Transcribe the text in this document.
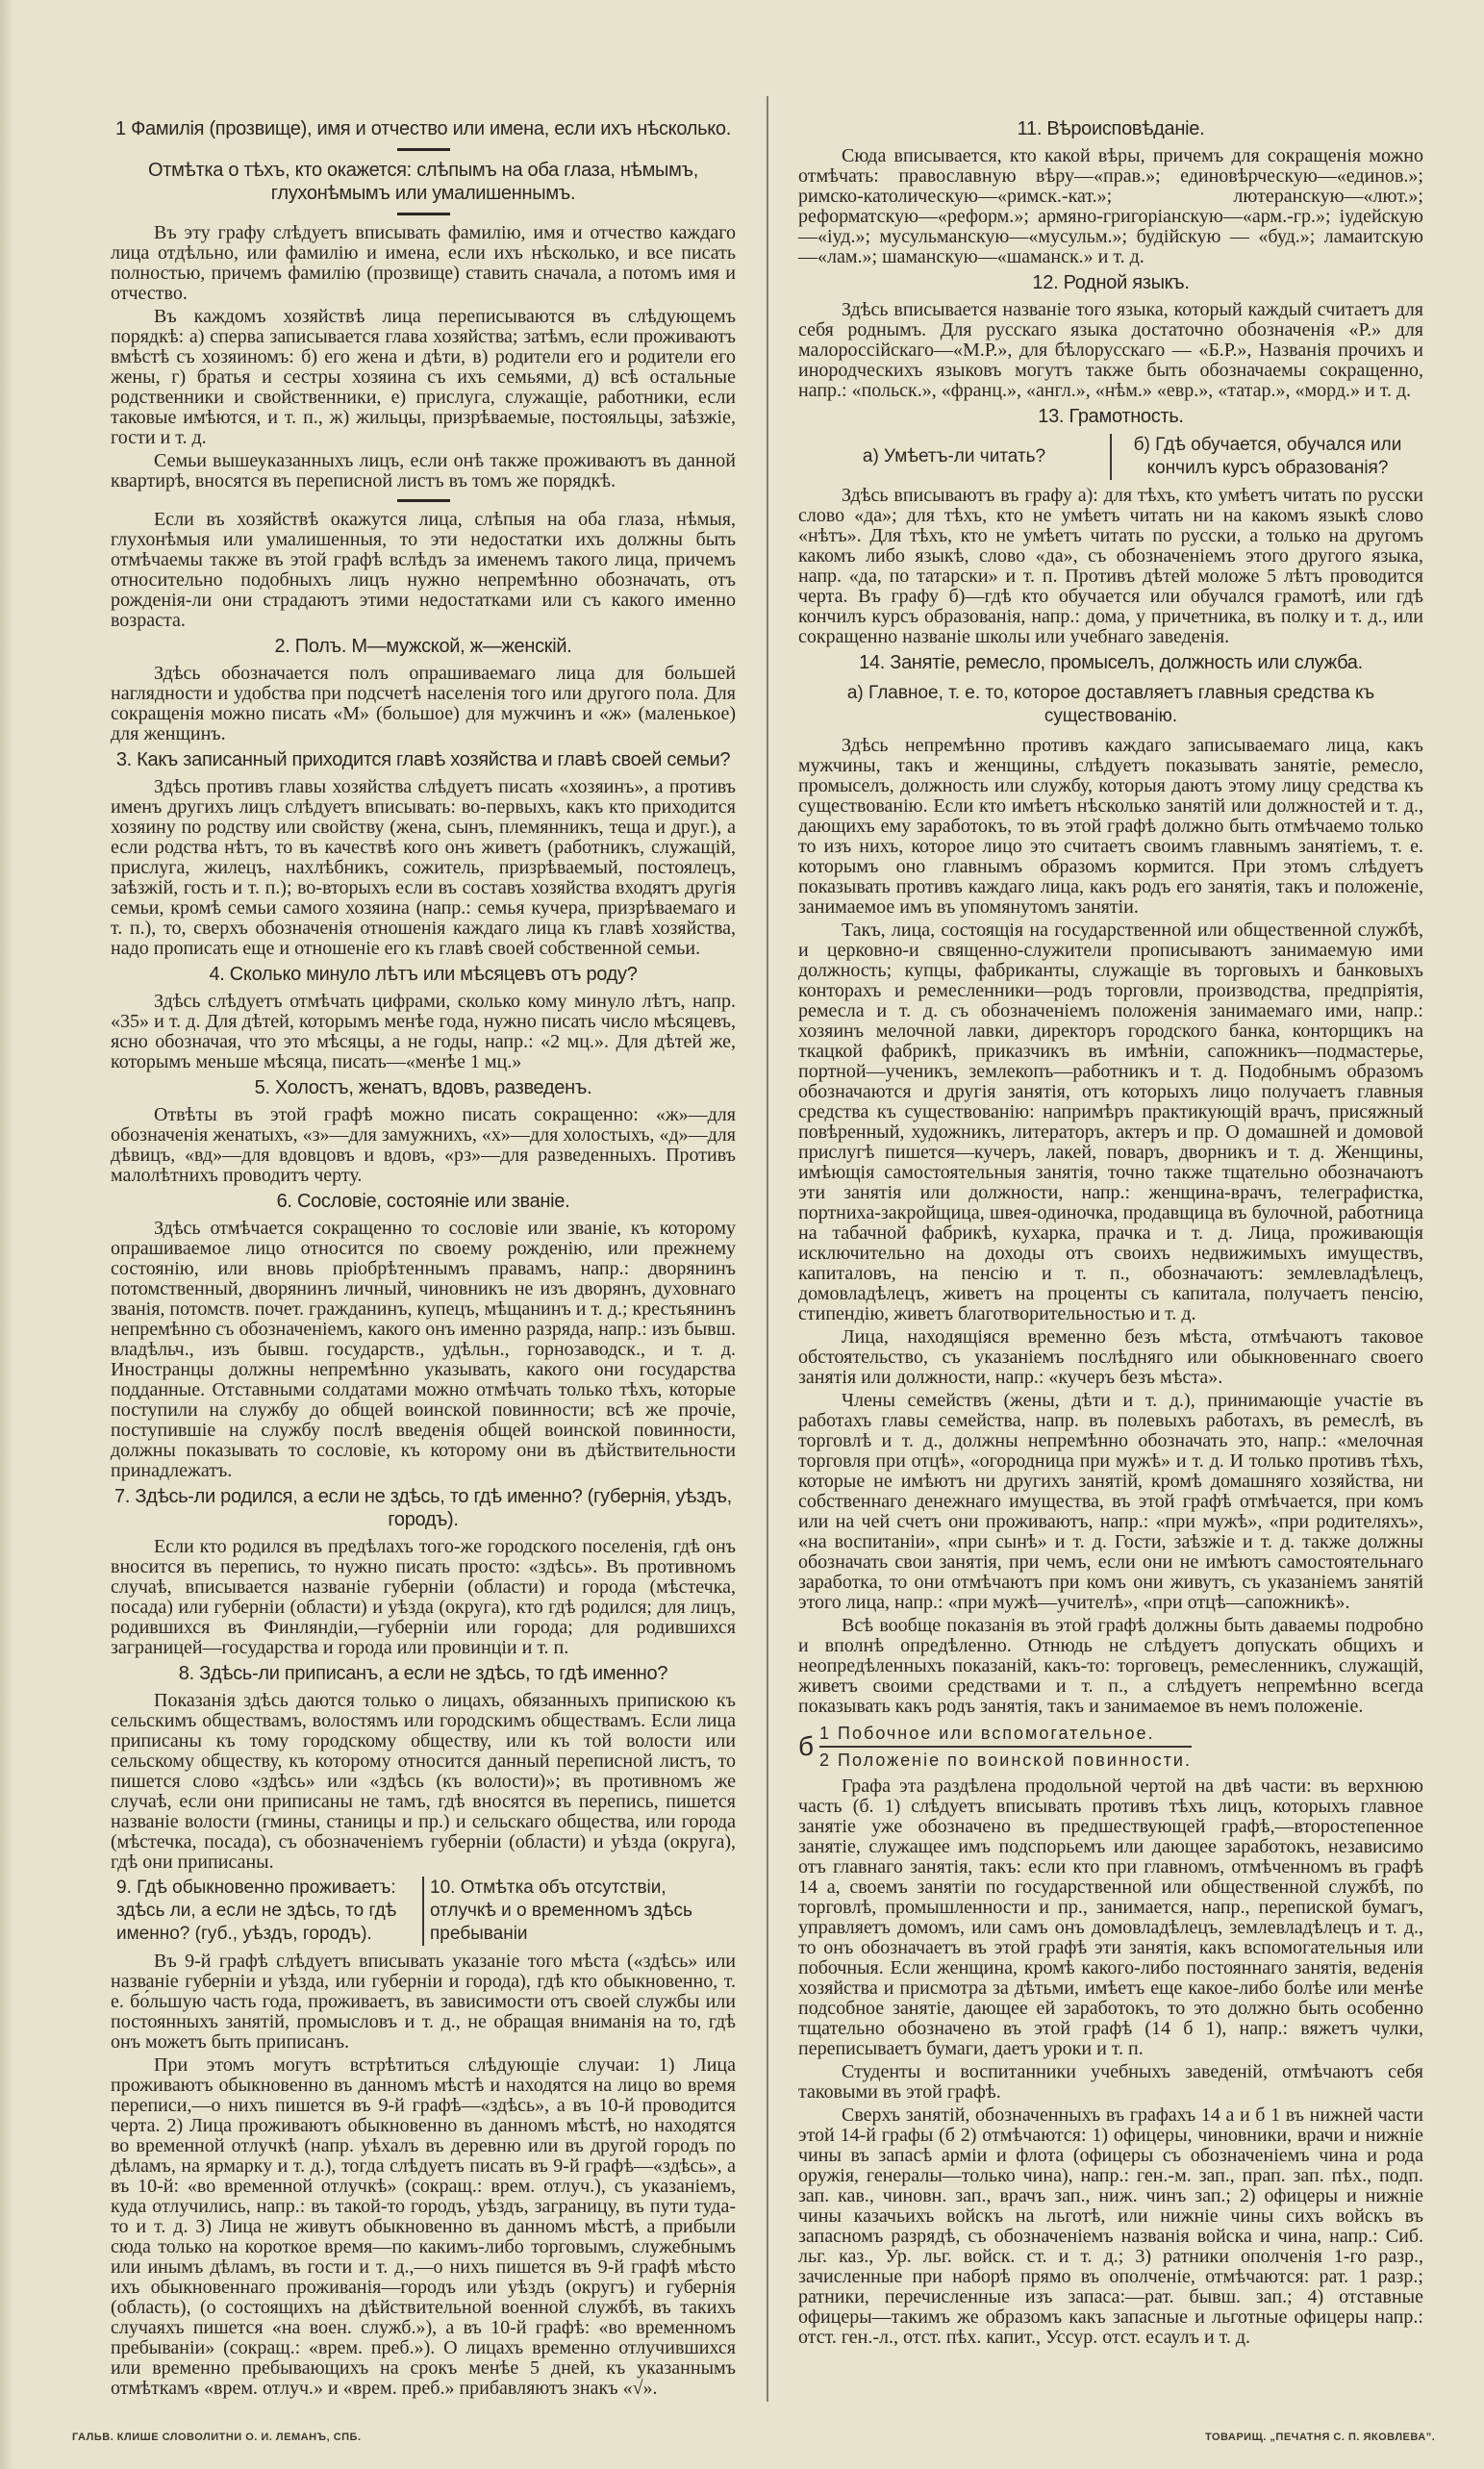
1 Фамилія (прозвище), имя и отчество или имена, если ихъ нѣсколько.
Отмѣтка о тѣхъ, кто окажется: слѣпымъ на оба глаза, нѣмымъ, глухонѣмымъ или умалишеннымъ.

Въ эту графу слѣдуетъ вписывать фамилію, имя и отчество каждаго лица отдѣльно, или фамилію и имена, если ихъ нѣсколько, и все писать полностью, причемъ фамилію (прозвище) ставить сначала, а потомъ имя и отчество.

Въ каждомъ хозяйствѣ лица переписываются въ слѣдующемъ порядкѣ: а) сперва записывается глава хозяйства; затѣмъ, если проживаютъ вмѣстѣ съ хозяиномъ: б) его жена и дѣти, в) родители его и родители его жены, г) братья и сестры хозяина съ ихъ семьями, д) всѣ остальные родственники и свойственники, е) прислуга, служащіе, работники, если таковые имѣются, и т. п., ж) жильцы, призрѣваемые, постояльцы, заѣзжіе, гости и т. д.

Семьи вышеуказанныхъ лицъ, если онѣ также проживаютъ въ данной квартирѣ, вносятся въ переписной листъ въ томъ же порядкѣ.

Если въ хозяйствѣ окажутся лица, слѣпыя на оба глаза, нѣмыя, глухонѣмыя или умалишенныя, то эти недостатки ихъ должны быть отмѣчаемы также въ этой графѣ вслѣдъ за именемъ такого лица, причемъ относительно подобныхъ лицъ нужно непремѣнно обозначать, отъ рожденія-ли они страдаютъ этими недостатками или съ какого именно возраста.

2. Полъ. М—мужской, ж—женскій.

Здѣсь обозначается полъ опрашиваемаго лица для большей наглядности и удобства при подсчетѣ населенія того или другого пола. Для сокращенія можно писать «М» (большое) для мужчинъ и «ж» (маленькое) для женщинъ.

3. Какъ записанный приходится главѣ хозяйства и главѣ своей семьи?

Здѣсь противъ главы хозяйства слѣдуетъ писать «хозяинъ», а противъ именъ другихъ лицъ слѣдуетъ вписывать: во-первыхъ, какъ кто приходится хозяину по родству или свойству (жена, сынъ, племянникъ, теща и друг.), а если родства нѣтъ, то въ качествѣ кого онъ живетъ (работникъ, служащій, прислуга, жилецъ, нахлѣбникъ, сожитель, призрѣваемый, постоялецъ, заѣзжій, гость и т. п.); во-вторыхъ если въ составъ хозяйства входятъ другія семьи, кромѣ семьи самого хозяина (напр.: семья кучера, призрѣваемаго и т. п.), то, сверхъ обозначенія отношенія каждаго лица къ главѣ хозяйства, надо прописать еще и отношеніе его къ главѣ своей собственной семьи.

4. Сколько минуло лѣтъ или мѣсяцевъ отъ роду?

Здѣсь слѣдуетъ отмѣчать цифрами, сколько кому минуло лѣтъ, напр. «35» и т. д. Для дѣтей, которымъ менѣе года, нужно писать число мѣсяцевъ, ясно обозначая, что это мѣсяцы, а не годы, напр.: «2 мц.». Для дѣтей же, которымъ меньше мѣсяца, писать—«менѣе 1 мц.»

5. Холостъ, женатъ, вдовъ, разведенъ.

Отвѣты въ этой графѣ можно писать сокращенно: «ж»—для обозначенія женатыхъ, «з»—для замужнихъ, «х»—для холостыхъ, «д»—для дѣвицъ, «вд»—для вдовцовъ и вдовъ, «рз»—для разведенныхъ. Противъ малолѣтнихъ проводитъ черту.

6. Сословіе, состояніе или званіе.

Здѣсь отмѣчается сокращенно то сословіе или званіе, къ которому опрашиваемое лицо относится по своему рожденію, или прежнему состоянію, или вновь пріобрѣтеннымъ правамъ, напр.: дворянинъ потомственный, дворянинъ личный, чиновникъ не изъ дворянъ, духовнаго званія, потомств. почет. гражданинъ, купецъ, мѣщанинъ и т. д.; крестьянинъ непремѣнно съ обозначеніемъ, какого онъ именно разряда, напр.: изъ бывш. владѣльч., изъ бывш. государств., удѣльн., горнозаводск., и т. д. Иностранцы должны непремѣнно указывать, какого они государства подданные. Отставными солдатами можно отмѣчать только тѣхъ, которые поступили на службу до общей воинской повинности; всѣ же прочіе, поступившіе на службу послѣ введенія общей воинской повинности, должны показывать то сословіе, къ которому они въ дѣйствительности принадлежатъ.

7. Здѣсь-ли родился, а если не здѣсь, то гдѣ именно? (губернія, уѣздъ, городъ).

Если кто родился въ предѣлахъ того-же городского поселенія, гдѣ онъ вносится въ перепись, то нужно писать просто: «здѣсь». Въ противномъ случаѣ, вписывается названіе губерніи (области) и города (мѣстечка, посада) или губерніи (области) и уѣзда (округа), кто гдѣ родился; для лицъ, родившихся въ Финляндіи,—губерніи или города; для родившихся заграницей—государства и города или провинціи и т. п.

8. Здѣсь-ли приписанъ, а если не здѣсь, то гдѣ именно?

Показанія здѣсь даются только о лицахъ, обязанныхъ припискою къ сельскимъ обществамъ, волостямъ или городскимъ обществамъ. Если лица приписаны къ тому городскому обществу, или къ той волости или сельскому обществу, къ которому относится данный переписной листъ, то пишется слово «здѣсь» или «здѣсь (къ волости)»; въ противномъ же случаѣ, если они приписаны не тамъ, гдѣ вносятся въ перепись, пишется названіе волости (гмины, станицы и пр.) и сельскаго общества, или города (мѣстечка, посада), съ обозначеніемъ губерніи (области) и уѣзда (округа), гдѣ они приписаны.

9. Гдѣ обыкновенно проживаетъ: здѣсь ли, а если не здѣсь, то гдѣ именно? (губ., уѣздъ, городъ).
10. Отмѣтка объ отсутствіи, отлучкѣ и о временномъ здѣсь пребываніи

Въ 9-й графѣ слѣдуетъ вписывать указаніе того мѣста («здѣсь» или названіе губерніи и уѣзда, или губерніи и города), гдѣ кто обыкновенно, т. е. бо́льшую часть года, проживаетъ, въ зависимости отъ своей службы или постоянныхъ занятій, промысловъ и т. д., не обращая вниманія на то, гдѣ онъ можетъ быть приписанъ.

При этомъ могутъ встрѣтиться слѣдующіе случаи: 1) Лица проживаютъ обыкновенно въ данномъ мѣстѣ и находятся на лицо во время переписи,—о нихъ пишется въ 9-й графѣ—«здѣсь», а въ 10-й проводится черта. 2) Лица проживаютъ обыкновенно въ данномъ мѣстѣ, но находятся во временной отлучкѣ (напр. уѣхалъ въ деревню или въ другой городъ по дѣламъ, на ярмарку и т. д.), тогда слѣдуетъ писать въ 9-й графѣ—«здѣсь», а въ 10-й: «во временной отлучкѣ» (сокращ.: врем. отлуч.), съ указаніемъ, куда отлучились, напр.: въ такой-то городъ, уѣздъ, заграницу, въ пути туда-то и т. д. 3) Лица не живутъ обыкновенно въ данномъ мѣстѣ, а прибыли сюда только на короткое время—по какимъ-либо торговымъ, служебнымъ или инымъ дѣламъ, въ гости и т. д.,—о нихъ пишется въ 9-й графѣ мѣсто ихъ обыкновеннаго проживанія—городъ или уѣздъ (округъ) и губернія (область), (о состоящихъ на дѣйствительной военной службѣ, въ такихъ случаяхъ пишется «на воен. служб.»), а въ 10-й графѣ: «во временномъ пребываніи» (сокращ.: «врем. преб.»). О лицахъ временно отлучившихся или временно пребывающихъ на срокъ менѣе 5 дней, къ указаннымъ отмѣткамъ «врем. отлуч.» и «врем. преб.» прибавляютъ знакъ «√».

11. Вѣроисповѣданіе.

Сюда вписывается, кто какой вѣры, причемъ для сокращенія можно отмѣчать: православную вѣру—«прав.»; единовѣрческую—«единов.»; римско-католическую—«римск.-кат.»; лютеранскую—«лют.»; реформатскую—«реформ.»; армяно-григоріанскую—«арм.-гр.»; іудейскую—«іуд.»; мусульманскую—«мусульм.»; будійскую — «буд.»; ламаитскую—«лам.»; шаманскую—«шаманск.» и т. д.

12. Родной языкъ.

Здѣсь вписывается названіе того языка, который каждый считаетъ для себя роднымъ. Для русскаго языка достаточно обозначенія «Р.» для малороссійскаго—«М.Р.», для бѣлорусскаго — «Б.Р.», Названія прочихъ и инородческихъ языковъ могутъ также быть обозначаемы сокращенно, напр.: «польск.», «франц.», «англ.», «нѣм.» «евр.», «татар.», «морд.» и т. д.

13. Грамотность.
а) Умѣетъ-ли читать?
б) Гдѣ обучается, обучался или кончилъ курсъ образованія?

Здѣсь вписываютъ въ графу а): для тѣхъ, кто умѣетъ читать по русски слово «да»; для тѣхъ, кто не умѣетъ читать ни на какомъ языкѣ слово «нѣтъ». Для тѣхъ, кто не умѣетъ читать по русски, а только на другомъ какомъ либо языкѣ, слово «да», съ обозначеніемъ этого другого языка, напр. «да, по татарски» и т. п. Противъ дѣтей моложе 5 лѣтъ проводится черта. Въ графу б)—гдѣ кто обучается или обучался грамотѣ, или гдѣ кончилъ курсъ образованія, напр.: дома, у причетника, въ полку и т. д., или сокращенно названіе школы или учебнаго заведенія.

14. Занятіе, ремесло, промыселъ, должность или служба.
а) Главное, т. е. то, которое доставляетъ главныя средства къ существованію.

Здѣсь непремѣнно противъ каждаго записываемаго лица, какъ мужчины, такъ и женщины, слѣдуетъ показывать занятіе, ремесло, промыселъ, должность или службу, которыя даютъ этому лицу средства къ существованію. Если кто имѣетъ нѣсколько занятій или должностей и т. д., дающихъ ему заработокъ, то въ этой графѣ должно быть отмѣчаемо только то изъ нихъ, которое лицо это считаетъ своимъ главнымъ занятіемъ, т. е. которымъ оно главнымъ образомъ кормится. При этомъ слѣдуетъ показывать противъ каждаго лица, какъ родъ его занятія, такъ и положеніе, занимаемое имъ въ упомянутомъ занятіи.

Такъ, лица, состоящія на государственной или общественной службѣ, и церковно-и священно-служители прописываютъ занимаемую ими должность; купцы, фабриканты, служащіе въ торговыхъ и банковыхъ конторахъ и ремесленники—родъ торговли, производства, предпріятія, ремесла и т. д. съ обозначеніемъ положенія занимаемаго ими, напр.: хозяинъ мелочной лавки, директоръ городского банка, конторщикъ на ткацкой фабрикѣ, приказчикъ въ имѣніи, сапожникъ—подмастерье, портной—ученикъ, землекопъ—работникъ и т. д. Подобнымъ образомъ обозначаются и другія занятія, отъ которыхъ лицо получаетъ главныя средства къ существованію: напримѣръ практикующій врачъ, присяжный повѣренный, художникъ, литераторъ, актеръ и пр. О домашней и домовой прислугѣ пишется—кучеръ, лакей, поваръ, дворникъ и т. д. Женщины, имѣющія самостоятельныя занятія, точно также тщательно обозначаютъ эти занятія или должности, напр.: женщина-врачъ, телеграфистка, портниха-закройщица, швея-одиночка, продавщица въ булочной, работница на табачной фабрикѣ, кухарка, прачка и т. д. Лица, проживающія исключительно на доходы отъ своихъ недвижимыхъ имуществъ, капиталовъ, на пенсію и т. п., обозначаютъ: землевладѣлецъ, домовладѣлецъ, живетъ на проценты съ капитала, получаетъ пенсію, стипендію, живетъ благотворительностью и т. д.

Лица, находящіяся временно безъ мѣста, отмѣчаютъ таковое обстоятельство, съ указаніемъ послѣдняго или обыкновеннаго своего занятія или должности, напр.: «кучеръ безъ мѣста».

Члены семействъ (жены, дѣти и т. д.), принимающіе участіе въ работахъ главы семейства, напр. въ полевыхъ работахъ, въ ремеслѣ, въ торговлѣ и т. д., должны непремѣнно обозначать это, напр.: «мелочная торговля при отцѣ», «огородница при мужѣ» и т. д. И только противъ тѣхъ, которые не имѣютъ ни другихъ занятій, кромѣ домашняго хозяйства, ни собственнаго денежнаго имущества, въ этой графѣ отмѣчается, при комъ или на чей счетъ они проживаютъ, напр.: «при мужѣ», «при родителяхъ», «на воспитаніи», «при сынѣ» и т. д. Гости, заѣзжіе и т. д. также должны обозначать свои занятія, при чемъ, если они не имѣютъ самостоятельнаго заработка, то они отмѣчаютъ при комъ они живутъ, съ указаніемъ занятій этого лица, напр.: «при мужѣ—учителѣ», «при отцѣ—сапожникѣ».

Всѣ вообще показанія въ этой графѣ должны быть даваемы подробно и вполнѣ опредѣленно. Отнюдь не слѣдуетъ допускать общихъ и неопредѣленныхъ показаній, какъ-то: торговецъ, ремесленникъ, служащій, живетъ своими средствами и т. п., а слѣдуетъ непремѣнно всегда показывать какъ родъ занятія, такъ и занимаемое въ немъ положеніе.

б 1 Побочное или вспомогательное.
2 Положеніе по воинской повинности.

Графа эта раздѣлена продольной чертой на двѣ части: въ верхнюю часть (б. 1) слѣдуетъ вписывать противъ тѣхъ лицъ, которыхъ главное занятіе уже обозначено въ предшествующей графѣ,—второстепенное занятіе, служащее имъ подспорьемъ или дающее заработокъ, независимо отъ главнаго занятія, такъ: если кто при главномъ, отмѣченномъ въ графѣ 14 а, своемъ занятіи по государственной или общественной службѣ, по торговлѣ, промышленности и пр., занимается, напр., перепиской бумагъ, управляетъ домомъ, или самъ онъ домовладѣлецъ, землевладѣлецъ и т. д., то онъ обозначаетъ въ этой графѣ эти занятія, какъ вспомогательныя или побочныя. Если женщина, кромѣ какого-либо постояннаго занятія, веденія хозяйства и присмотра за дѣтьми, имѣетъ еще какое-либо болѣе или менѣе подсобное занятіе, дающее ей заработокъ, то это должно быть особенно тщательно обозначено въ этой графѣ (14 б 1), напр.: вяжетъ чулки, переписываетъ бумаги, даетъ уроки и т. п.

Студенты и воспитанники учебныхъ заведеній, отмѣчаютъ себя таковыми въ этой графѣ.

Сверхъ занятій, обозначенныхъ въ графахъ 14 а и б 1 въ нижней части этой 14-й графы (б 2) отмѣчаются: 1) офицеры, чиновники, врачи и нижніе чины въ запасѣ арміи и флота (офицеры съ обозначеніемъ чина и рода оружія, генералы—только чина), напр.: ген.-м. зап., прап. зап. пѣх., подп. зап. кав., чиновн. зап., врачъ зап., ниж. чинъ зап.; 2) офицеры и нижніе чины казачьихъ войскъ на льготѣ, или нижніе чины сихъ войскъ въ запасномъ разрядѣ, съ обозначеніемъ названія войска и чина, напр.: Сиб. льг. каз., Ур. льг. войск. ст. и т. д.; 3) ратники ополченія 1-го разр., зачисленные при наборѣ прямо въ ополченіе, отмѣчаются: рат. 1 разр.; ратники, перечисленные изъ запаса:—рат. бывш. зап.; 4) отставные офицеры—такимъ же образомъ какъ запасные и льготные офицеры напр.: отст. ген.-л., отст. пѣх. капит., Уссур. отст. есаулъ и т. д.

ГАЛЬВ. КЛИШЕ СЛОВОЛИТНИ О. И. ЛЕМАНЪ, СПБ.	ТОВАРИЩ. „ПЕЧАТНЯ С. П. ЯКОВЛЕВА”.
